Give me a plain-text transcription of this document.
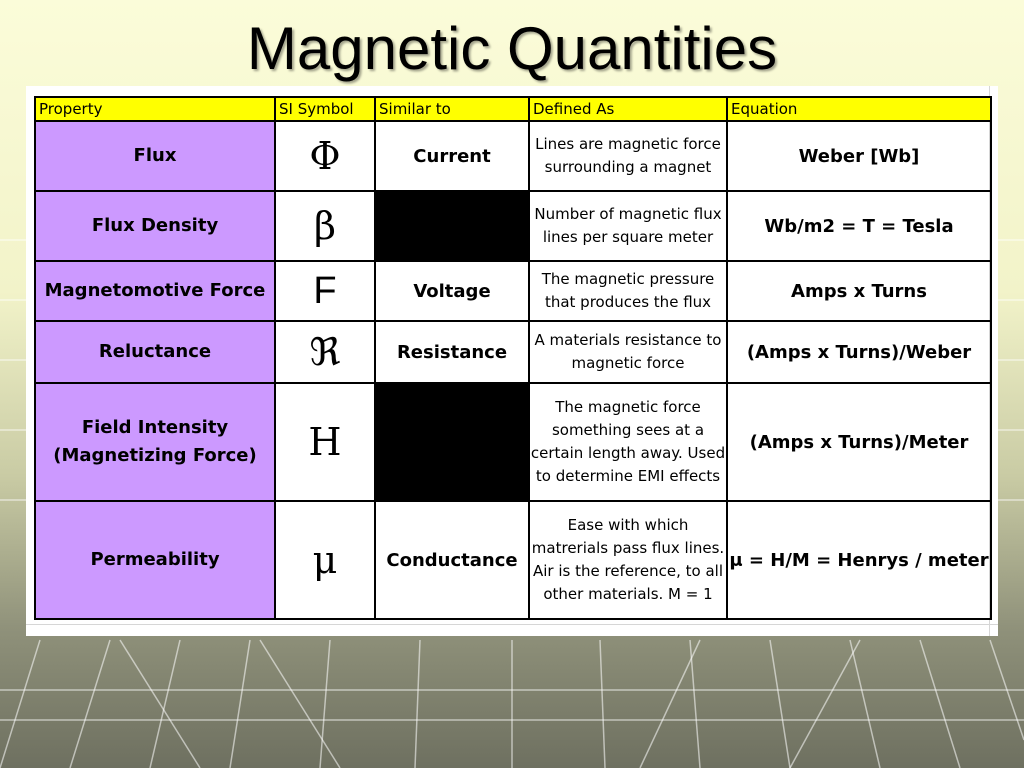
Magnetic Quantities
Property	SI Symbol	Similar to	Defined As	Equation
Flux	Φ	Current	Lines are magnetic force surrounding a magnet	Weber [Wb]
Flux Density	β		Number of magnetic flux lines per square meter	Wb/m2 = T = Tesla
Magnetomotive Force	F	Voltage	The magnetic pressure that produces the flux	Amps x Turns
Reluctance	ℜ	Resistance	A materials resistance to magnetic force	(Amps x Turns)/Weber
Field Intensity (Magnetizing Force)	H		The magnetic force something sees at a certain length away. Used to determine EMI effects	(Amps x Turns)/Meter
Permeability	μ	Conductance	Ease with which matrerials pass flux lines. Air is the reference, to all other materials. Μ = 1	μ = H/M = Henrys / meter
